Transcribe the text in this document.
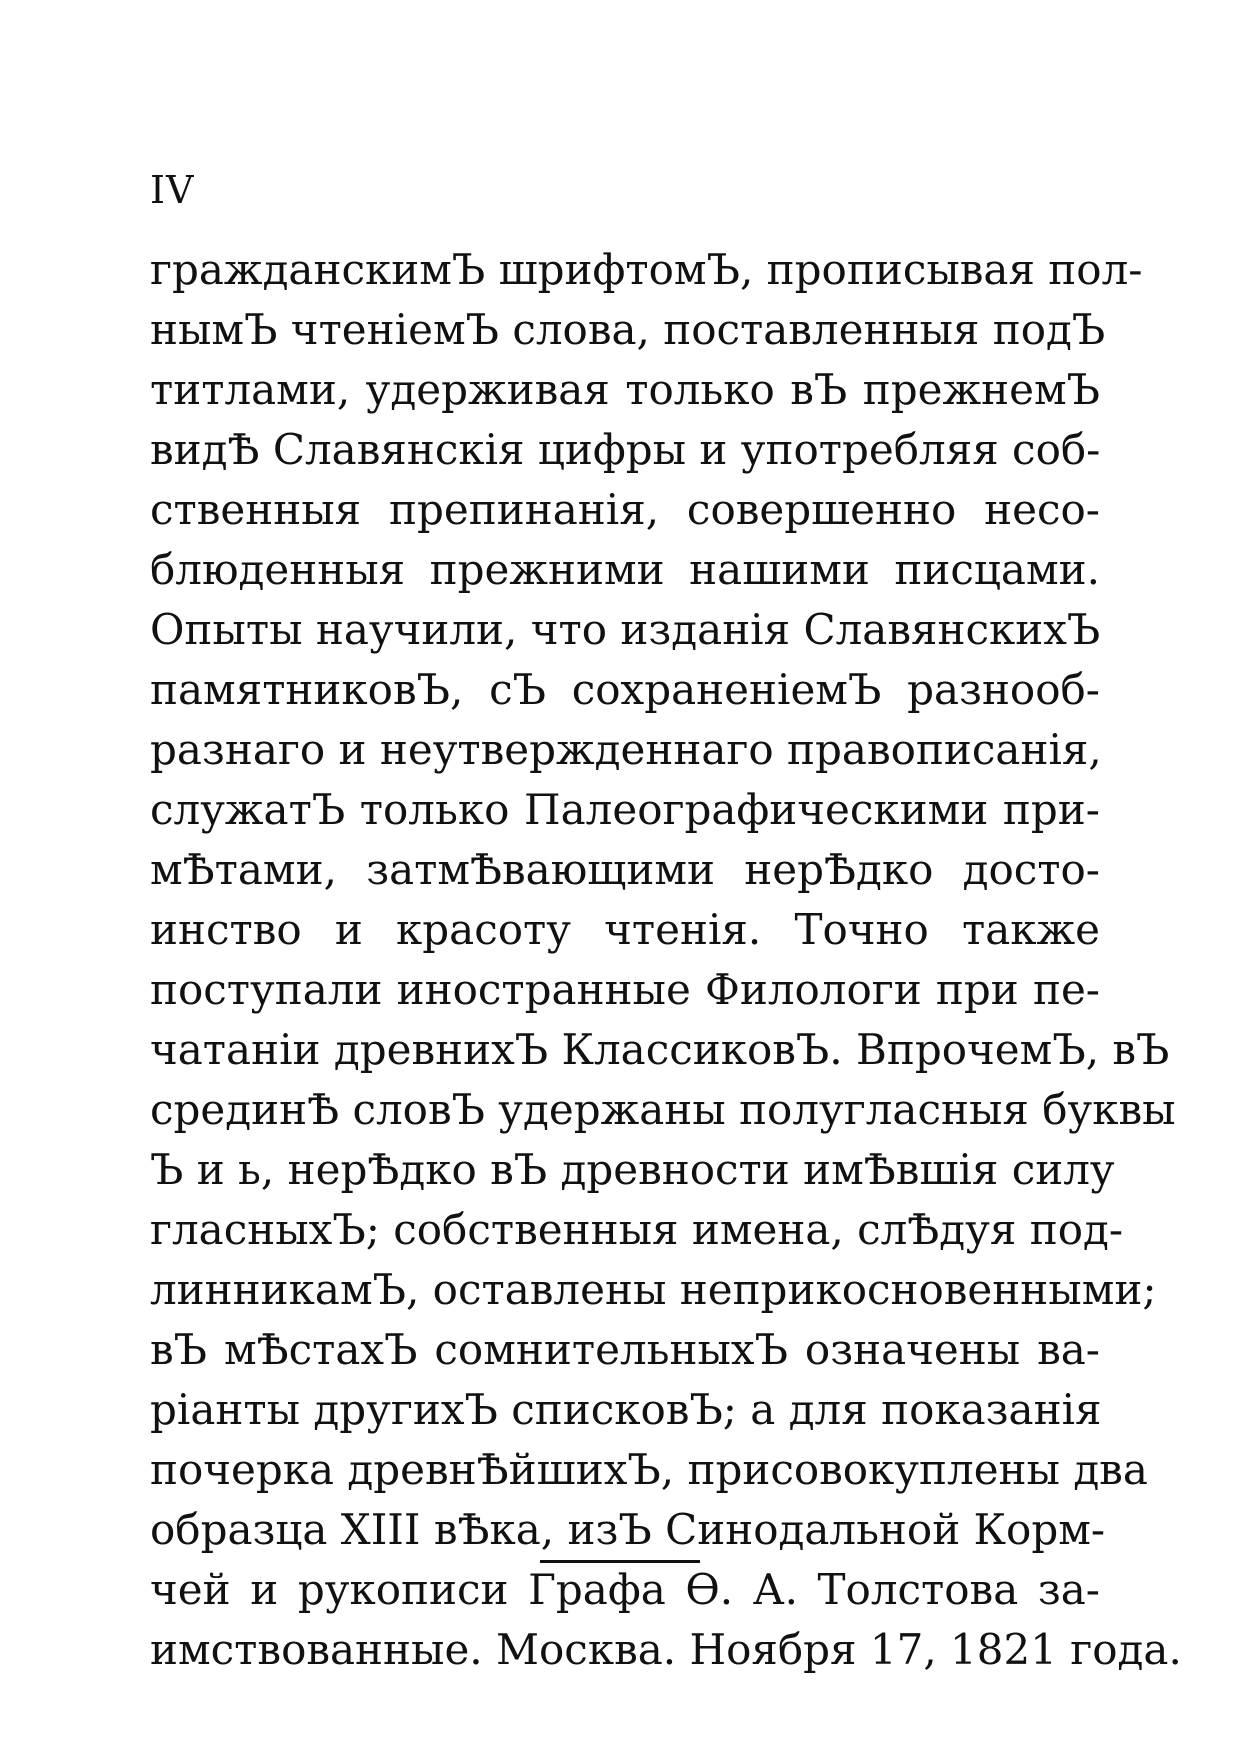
IV
гражданскимЪ шрифтомЪ, прописывая пол-
нымЪ чтеніемЪ слова, поставленныя подЪ
титлами, удерживая только вЪ прежнемЪ
видѢ Славянскія цифры и употребляя соб-
ственныя препинанія, совершенно несо-
блюденныя прежними нашими писцами.
Опыты научили, что изданія СлавянскихЪ
памятниковЪ, сЪ сохраненіемЪ разнооб-
разнаго и неутвержденнаго правописанія,
служатЪ только Палеографическими при-
мѢтами, затмѢвающими нерѢдко досто-
инство и красоту чтенія. Точно также
поступали иностранные Филологи при пе-
чатаніи древнихЪ КлассиковЪ. ВпрочемЪ, вЪ
срединѢ словЪ удержаны полугласныя буквы
Ъ и ь, нерѢдко вЪ древности имѢвшія силу
гласныхЪ; собственныя имена, слѢдуя под-
линникамЪ, оставлены неприкосновенными;
вЪ мѢстахЪ сомнительныхЪ означены ва-
ріанты другихЪ списковЪ; а для показанія
почерка древнѢйшихЪ, присовокуплены два
образца XIII вѢка, изЪ Синодальной Корм-
чей и рукописи Графа Ѳ. А. Толстова за-
имствованные. Москва. Ноября 17, 1821 года.
